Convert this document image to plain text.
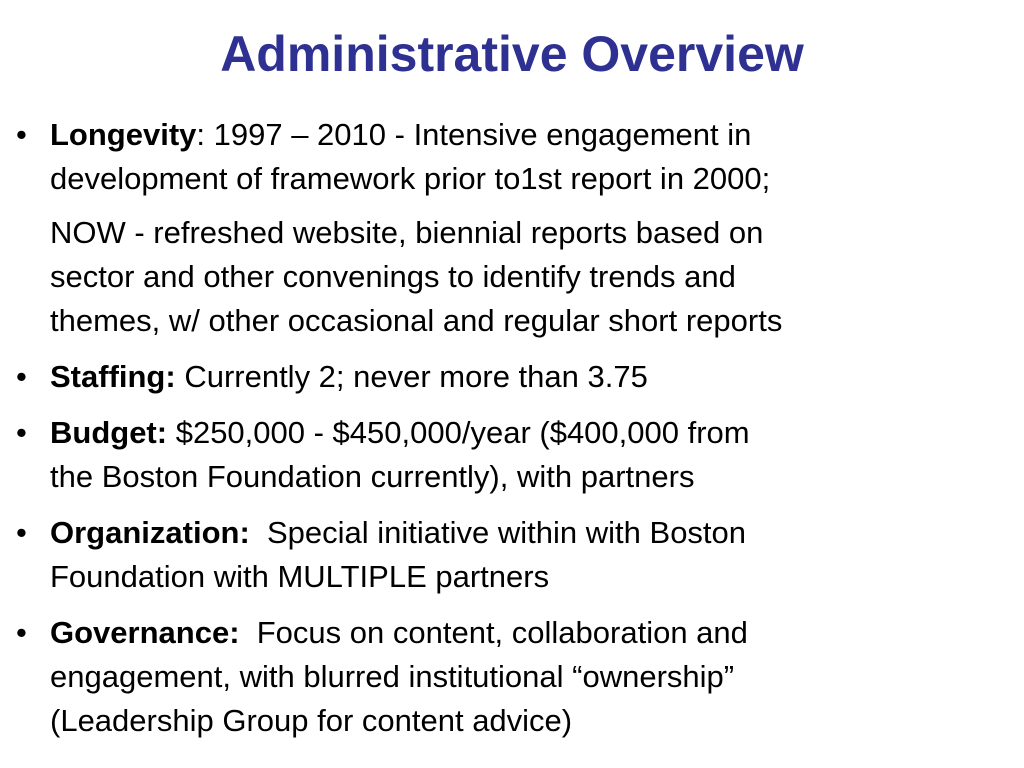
Administrative Overview
• Longevity: 1997 – 2010 - Intensive engagement in
development of framework prior to1st report in 2000;
NOW - refreshed website, biennial reports based on
sector and other convenings to identify trends and
themes, w/ other occasional and regular short reports
• Staffing: Currently 2; never more than 3.75
• Budget: $250,000 - $450,000/year ($400,000 from
the Boston Foundation currently), with partners
• Organization:  Special initiative within with Boston
Foundation with MULTIPLE partners
• Governance:  Focus on content, collaboration and
engagement, with blurred institutional “ownership”
(Leadership Group for content advice)
